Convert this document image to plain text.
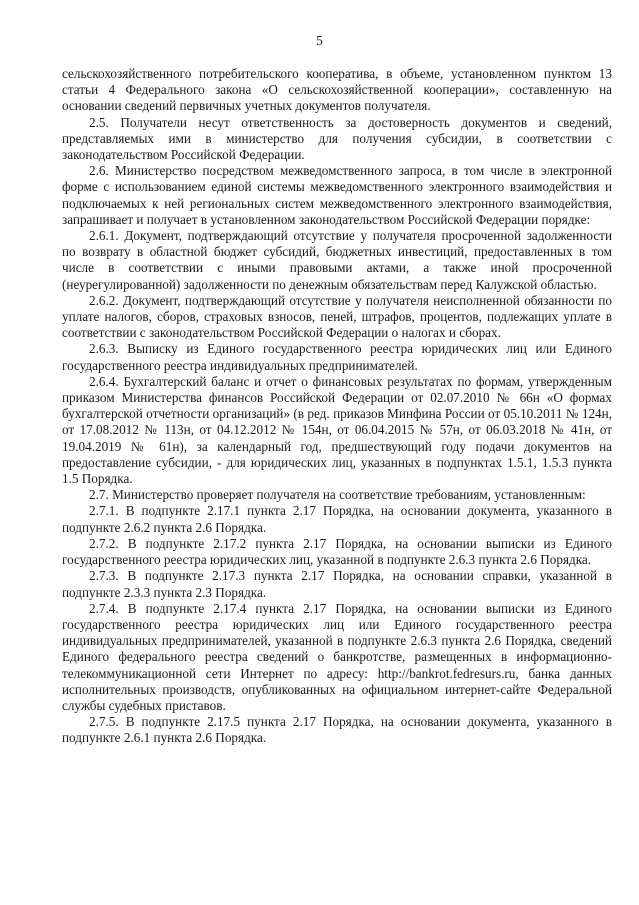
5

сельскохозяйственного потребительского кооператива, в объеме, установленном пунктом 13 статьи 4 Федерального закона «О сельскохозяйственной кооперации», составленную на основании сведений первичных учетных документов получателя.

2.5. Получатели несут ответственность за достоверность документов и сведений, представляемых ими в министерство для получения субсидии, в соответствии с законодательством Российской Федерации.

2.6. Министерство посредством межведомственного запроса, в том числе в электронной форме с использованием единой системы межведомственного электронного взаимодействия и подключаемых к ней региональных систем межведомственного электронного взаимодействия, запрашивает и получает в установленном законодательством Российской Федерации порядке:

2.6.1. Документ, подтверждающий отсутствие у получателя просроченной задолженности по возврату в областной бюджет субсидий, бюджетных инвестиций, предоставленных в том числе в соответствии с иными правовыми актами, а также иной просроченной (неурегулированной) задолженности по денежным обязательствам перед Калужской областью.

2.6.2. Документ, подтверждающий отсутствие у получателя неисполненной обязанности по уплате налогов, сборов, страховых взносов, пеней, штрафов, процентов, подлежащих уплате в соответствии с законодательством Российской Федерации о налогах и сборах.

2.6.3. Выписку из Единого государственного реестра юридических лиц или Единого государственного реестра индивидуальных предпринимателей.

2.6.4. Бухгалтерский баланс и отчет о финансовых результатах по формам, утвержденным приказом Министерства финансов Российской Федерации от 02.07.2010 № 66н «О формах бухгалтерской отчетности организаций» (в ред. приказов Минфина России от 05.10.2011 № 124н, от 17.08.2012 № 113н, от 04.12.2012 № 154н, от 06.04.2015 № 57н, от 06.03.2018 № 41н, от 19.04.2019 № 61н), за календарный год, предшествующий году подачи документов на предоставление субсидии, - для юридических лиц, указанных в подпунктах 1.5.1, 1.5.3 пункта 1.5 Порядка.

2.7. Министерство проверяет получателя на соответствие требованиям, установленным:

2.7.1. В подпункте 2.17.1 пункта 2.17 Порядка, на основании документа, указанного в подпункте 2.6.2 пункта 2.6 Порядка.

2.7.2. В подпункте 2.17.2 пункта 2.17 Порядка, на основании выписки из Единого государственного реестра юридических лиц, указанной в подпункте 2.6.3 пункта 2.6 Порядка.

2.7.3. В подпункте 2.17.3 пункта 2.17 Порядка, на основании справки, указанной в подпункте 2.3.3 пункта 2.3 Порядка.

2.7.4. В подпункте 2.17.4 пункта 2.17 Порядка, на основании выписки из Единого государственного реестра юридических лиц или Единого государственного реестра индивидуальных предпринимателей, указанной в подпункте 2.6.3 пункта 2.6 Порядка, сведений Единого федерального реестра сведений о банкротстве, размещенных в информационно-телекоммуникационной сети Интернет по адресу: http://bankrot.fedresurs.ru, банка данных исполнительных производств, опубликованных на официальном интернет-сайте Федеральной службы судебных приставов.

2.7.5. В подпункте 2.17.5 пункта 2.17 Порядка, на основании документа, указанного в подпункте 2.6.1 пункта 2.6 Порядка.
